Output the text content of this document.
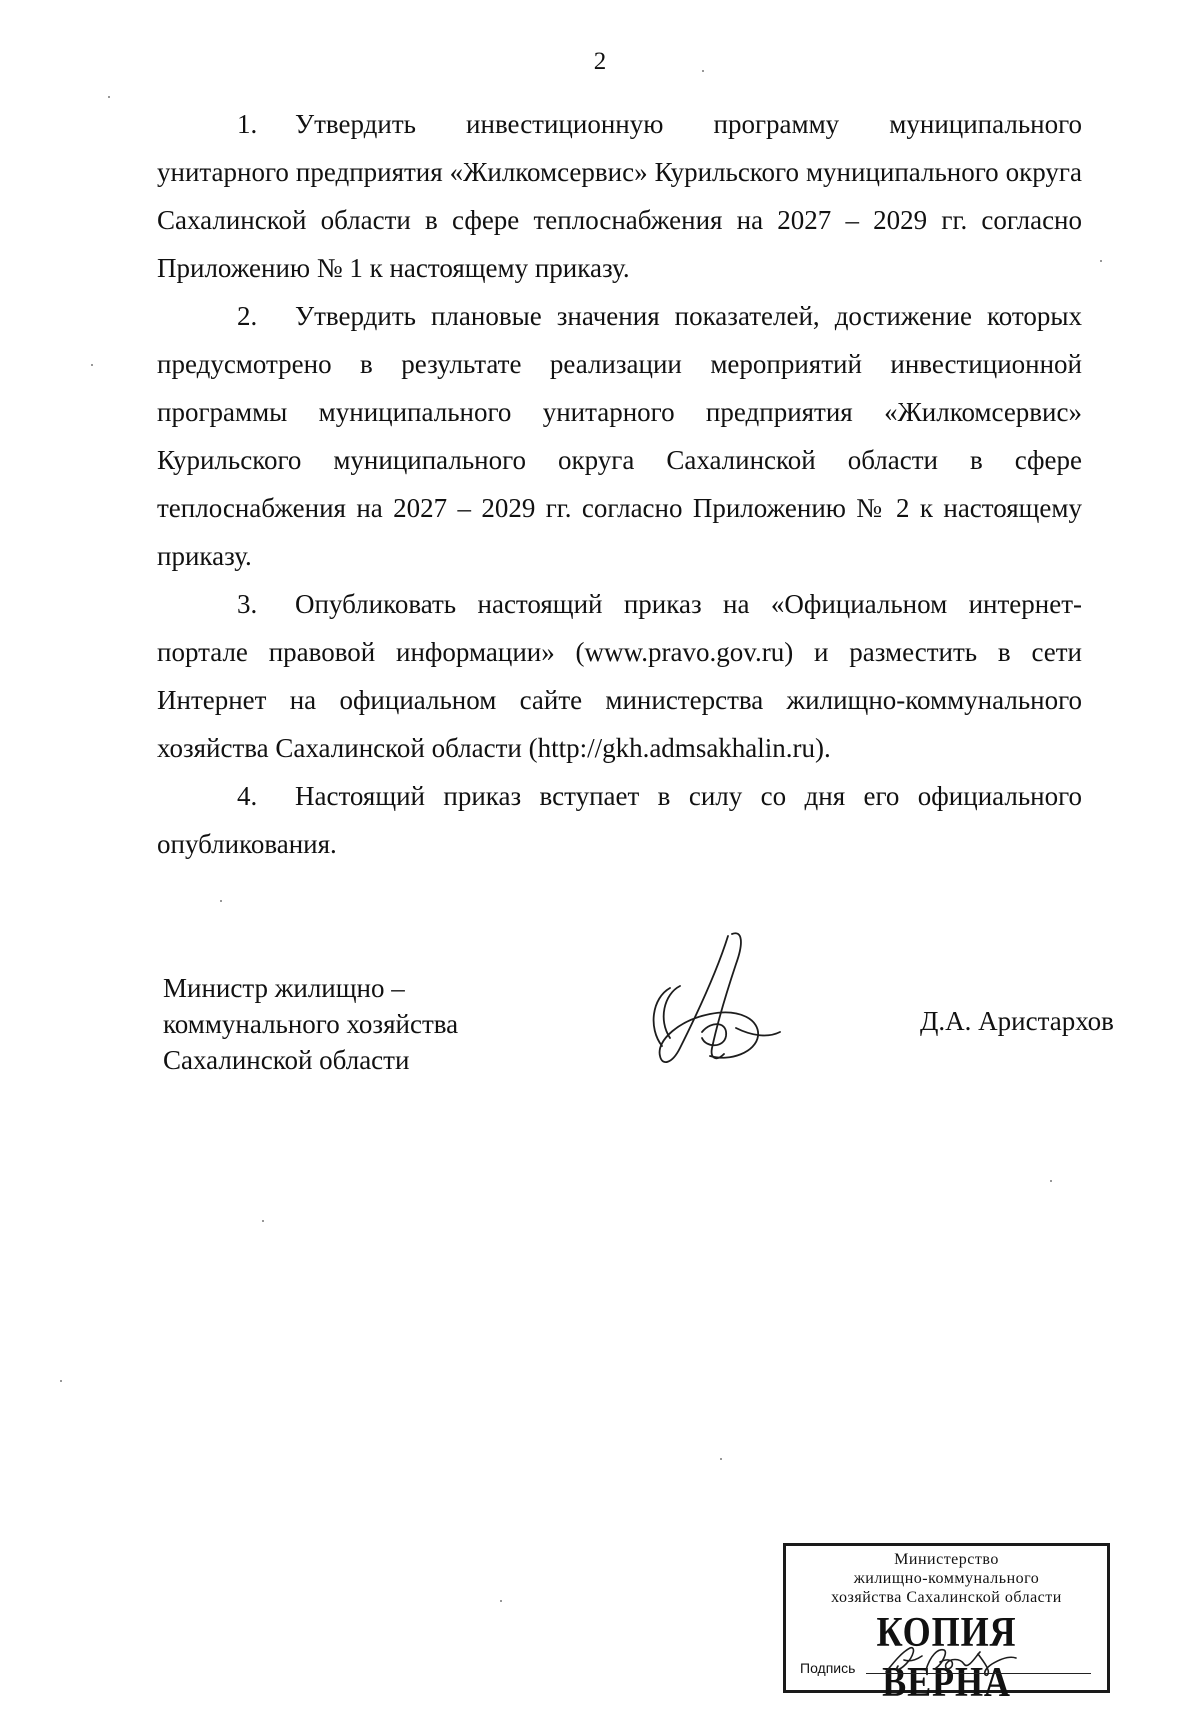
2

1. Утвердить инвестиционную программу муниципального унитарного предприятия «Жилкомсервис» Курильского муниципального округа Сахалинской области в сфере теплоснабжения на 2027 – 2029 гг. согласно Приложению № 1 к настоящему приказу.

2. Утвердить плановые значения показателей, достижение которых предусмотрено в результате реализации мероприятий инвестиционной программы муниципального унитарного предприятия «Жилкомсервис» Курильского муниципального округа Сахалинской области в сфере теплоснабжения на 2027 – 2029 гг. согласно Приложению № 2 к настоящему приказу.

3. Опубликовать настоящий приказ на «Официальном интернет-портале правовой информации» (www.pravo.gov.ru) и разместить в сети Интернет на официальном сайте министерства жилищно-коммунального хозяйства Сахалинской области (http://gkh.admsakhalin.ru).

4. Настоящий приказ вступает в силу со дня его официального опубликования.

Министр жилищно –
коммунального хозяйства
Сахалинской области
Д.А. Аристархов
Министерство
жилищно-коммунального
хозяйства Сахалинской области
КОПИЯ ВЕРНА
Подпись
